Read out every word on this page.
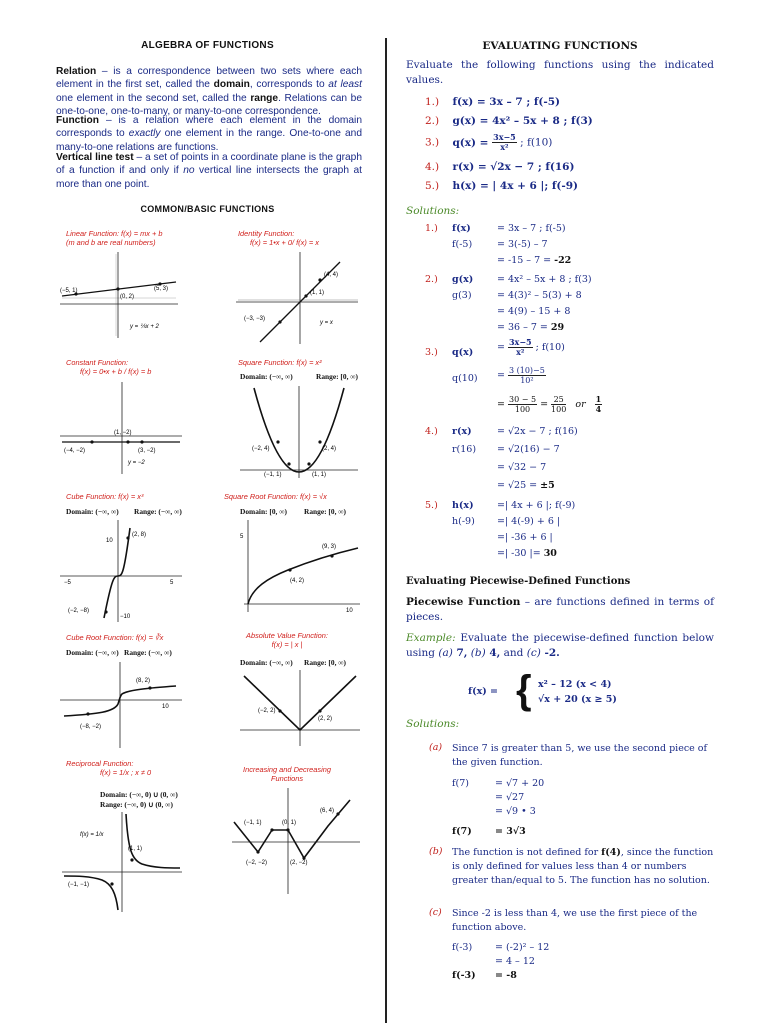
ALGEBRA OF FUNCTIONS
Relation – is a correspondence between two sets where each element in the first set, called the domain, corresponds to at least one element in the second set, called the range. Relations can be one-to-one, one-to-many, or many-to-one correspondence.
Function – is a relation where each element in the domain corresponds to exactly one element in the range. One-to-one and many-to-one relations are functions.
Vertical line test – a set of points in a coordinate plane is the graph of a function if and only if no vertical line intersects the graph at more than one point.
COMMON/BASIC FUNCTIONS
Linear Function: f(x) = mx + b
(m and b are real numbers)
(−5, 1)
(0, 2)
(5, 3)
y = ⅕x + 2
Identity Function:
f(x) = 1•x + 0/ f(x) = x
(4, 4)
(1, 1)
(−3, −3)
y = x
Constant Function:
f(x) = 0•x + b / f(x) = b
(1, −2)
(−4, −2)	(3, −2)
y = −2
Square Function: f(x) = x²
Domain: (−∞, ∞)	Range: [0, ∞)
(−2, 4)	(2, 4)
(−1, 1)	(1, 1)
Cube Function: f(x) = x³
Domain: (−∞, ∞) Range: (−∞, ∞)
(2, 8)
(−2, −8)
10
−10
−5	5
Square Root Function: f(x) = √x
Domain: [0, ∞) Range: [0, ∞)
(9, 3)
(4, 2)
5
10
Cube Root Function: f(x) = ∛x
Domain: (−∞, ∞) Range: (−∞, ∞)
(8, 2)
(−8, −2)
10
Absolute Value Function:
f(x) = | x |
Domain: (−∞, ∞) Range: [0, ∞)
(−2, 2)
(2, 2)
Reciprocal Function:
f(x) = 1/x ; x ≠ 0
Domain: (−∞, 0) ∪ (0, ∞)
Range: (−∞, 0) ∪ (0, ∞)
(1, 1)
(−1, −1)
f(x) = 1/x
Increasing and Decreasing
Functions
(6, 4)
(−1, 1)	(0, 1)
(−2, −2)	(2, −2)
EVALUATING FUNCTIONS
Evaluate the following functions using the indicated values.
1.) f(x) = 3x – 7 ; f(-5)
2.) g(x) = 4x² – 5x + 8 ; f(3)
3.) $q(x) = \frac{3x-5}{\text{x²}}$ ; f(10)
4.) r(x) = √2x − 7 ; f(16)
5.) h(x) = | 4x + 6 |; f(-9)
Solutions:
1.) f(x)	= 3x – 7 ; f(-5)
f(-5)	= 3(-5) – 7
= -15 – 7 = -22
2.) g(x) = 4x² – 5x + 8 ; f(3)
g(3)	= 4(3)² – 5(3) + 8
= 4(9) – 15 + 8
= 36 – 7 = 29
3.) $q(x) = \frac{3x-5}{\text{x²}}$ ; f(10)
$q(10) = \frac{3 (10)-5}{\text{10²}}$
= $\frac{30 - 5}{100} = \frac{25}{100}$ or $\frac{1}{4}$
4.) r(x)	= √2x − 7 ; f(16)
r(16) = √2(16) − 7
= √32 − 7
= √25 = ±5
5.) h(x) =| 4x + 6 |; f(-9)
h(-9) =| 4(-9) + 6 |
=| -36 + 6 |
=| -30 |= 30
Evaluating Piecewise-Defined Functions
Piecewise Function – are functions defined in terms of pieces.
Example: Evaluate the piecewise-defined function below using (a) 7, (b) 4, and (c) -2.
f(x) = { x² – 12 (x < 4)
√x + 20 (x ≥ 5)
Solutions:
(a) Since 7 is greater than 5, we use the second piece of the given function.
f(7)	= √7 + 20
= √27
= √9 • 3
f(7) = 3√3
(b) The function is not defined for f(4), since the function is only defined for values less than 4 or numbers greater than/equal to 5. The function has no solution.
(c) Since -2 is less than 4, we use the first piece of the function above.
f(-3) = (-2)² – 12
= 4 – 12
f(-3) = -8
